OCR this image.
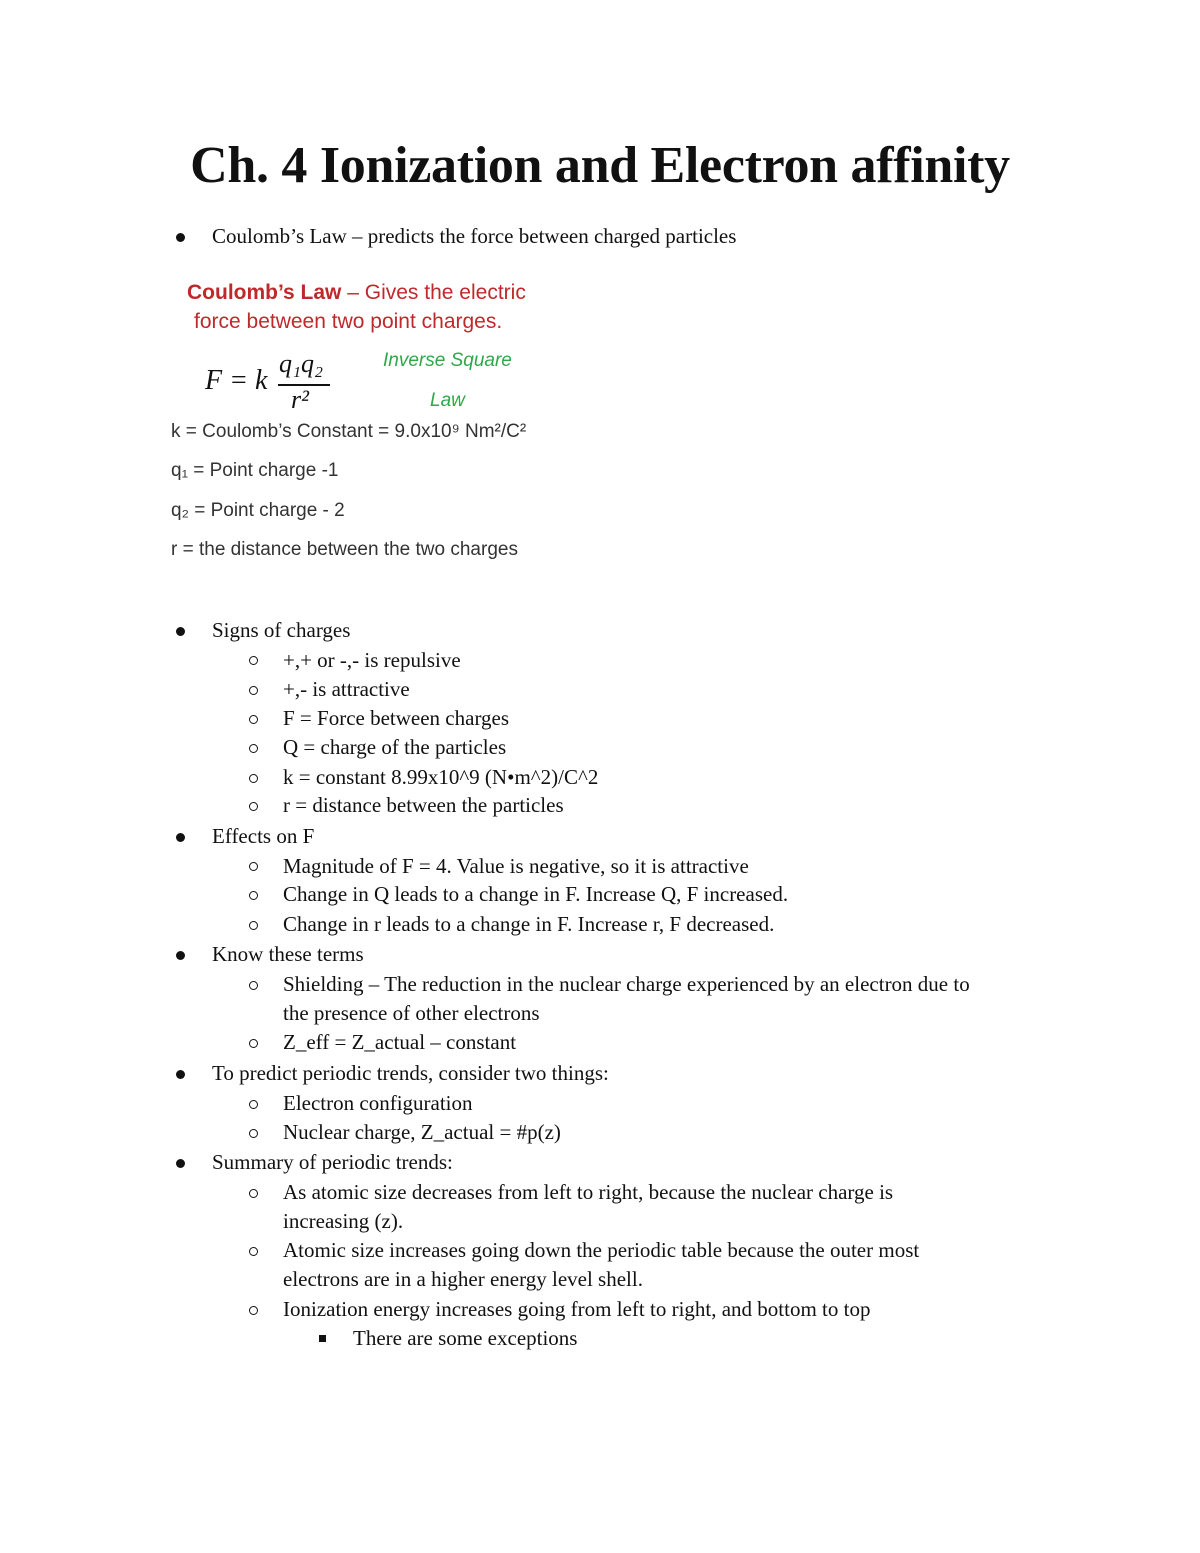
Ch. 4 Ionization and Electron affinity
Coulomb’s Law – predicts the force between charged particles
Coulomb’s Law – Gives the electric
force between two point charges.
F = k
q₁q₂
r²
Inverse Square
Law
k = Coulomb’s Constant = 9.0x10⁹ Nm²/C²
q₁ = Point charge -1
q₂ = Point charge - 2
r = the distance between the two charges
Signs of charges
+,+ or -,- is repulsive
+,- is attractive
F = Force between charges
Q = charge of the particles
k = constant 8.99x10^9 (N•m^2)/C^2
r = distance between the particles
Effects on F
Magnitude of F = 4. Value is negative, so it is attractive
Change in Q leads to a change in F. Increase Q, F increased.
Change in r leads to a change in F. Increase r, F decreased.
Know these terms
Shielding – The reduction in the nuclear charge experienced by an electron due to
the presence of other electrons
Z_eff = Z_actual – constant
To predict periodic trends, consider two things:
Electron configuration
Nuclear charge, Z_actual = #p(z)
Summary of periodic trends:
As atomic size decreases from left to right, because the nuclear charge is
increasing (z).
Atomic size increases going down the periodic table because the outer most
electrons are in a higher energy level shell.
Ionization energy increases going from left to right, and bottom to top
There are some exceptions
